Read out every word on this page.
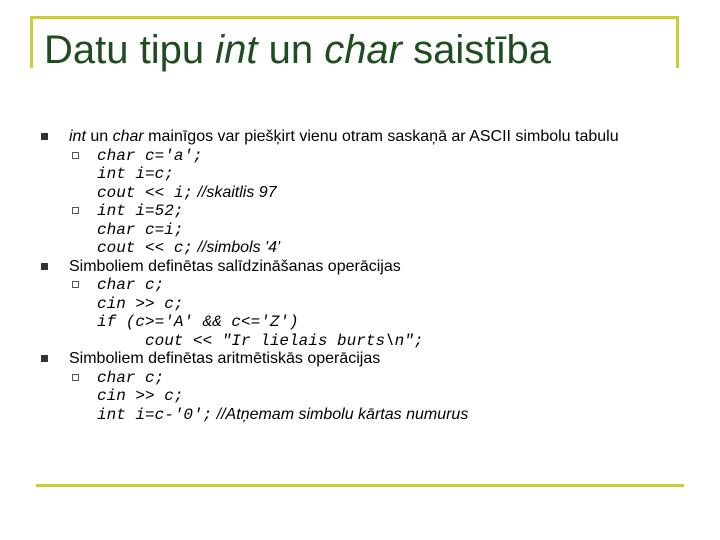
Datu tipu int un char saistība
int un char mainīgos var piešķirt vienu otram saskaņā ar ASCII simbolu tabulu
char c='a';
int i=c;
cout << i; //skaitlis 97
int i=52;
char c=i;
cout << c; //simbols '4'
Simboliem definētas salīdzināšanas operācijas
char c;
cin >> c;
if (c>='A' && c<='Z')
cout << "Ir lielais burts\n";
Simboliem definētas aritmētiskās operācijas
char c;
cin >> c;
int i=c-'0'; //Atņemam simbolu kārtas numurus
